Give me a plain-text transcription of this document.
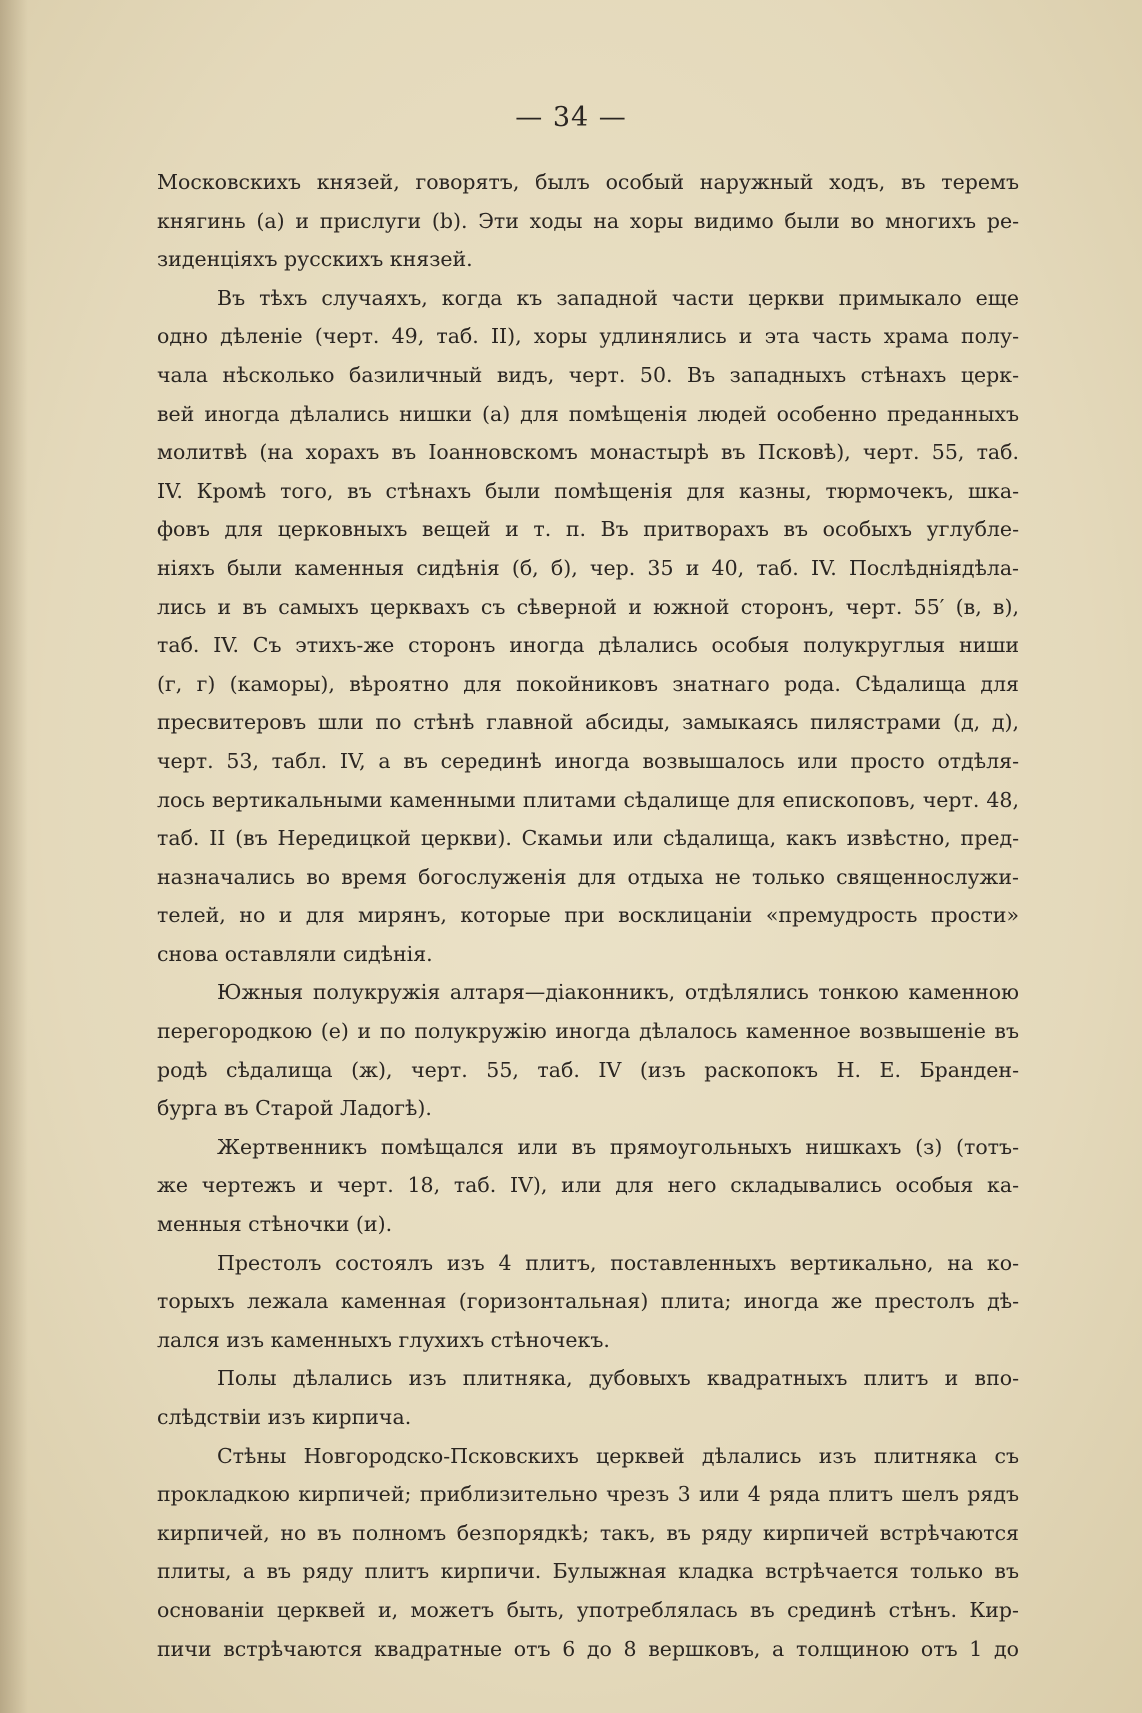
— 34 —
Московскихъ князей, говорятъ, былъ особый наружный ходъ, въ теремъ
княгинь (а) и прислуги (b). Эти ходы на хоры видимо были во многихъ ре-
зиденціяхъ русскихъ князей.
Въ тѣхъ случаяхъ, когда къ западной части церкви примыкало еще
одно дѣленіе (черт. 49, таб. II), хоры удлинялись и эта часть храма полу-
чала нѣсколько базиличный видъ, черт. 50. Въ западныхъ стѣнахъ церк-
вей иногда дѣлались нишки (а) для помѣщенія людей особенно преданныхъ
молитвѣ (на хорахъ въ Іоанновскомъ монастырѣ въ Псковѣ), черт. 55, таб.
IV. Кромѣ того, въ стѣнахъ были помѣщенія для казны, тюрмочекъ, шка-
фовъ для церковныхъ вещей и т. п. Въ притворахъ въ особыхъ углубле-
ніяхъ были каменныя сидѣнія (б, б), чер. 35 и 40, таб. IV. Послѣдніядѣла-
лись и въ самыхъ церквахъ съ сѣверной и южной сторонъ, черт. 55′ (в, в),
таб. IV. Съ этихъ-же сторонъ иногда дѣлались особыя полукруглыя ниши
(г, г) (каморы), вѣроятно для покойниковъ знатнаго рода. Сѣдалища для
пресвитеровъ шли по стѣнѣ главной абсиды, замыкаясь пилястрами (д, д),
черт. 53, табл. IV, а въ серединѣ иногда возвышалось или просто отдѣля-
лось вертикальными каменными плитами сѣдалище для епископовъ, черт. 48,
таб. II (въ Нередицкой церкви). Скамьи или сѣдалища, какъ извѣстно, пред-
назначались во время богослуженія для отдыха не только священнослужи-
телей, но и для мирянъ, которые при восклицаніи «премудрость прости»
снова оставляли сидѣнія.
Южныя полукружія алтаря—діаконникъ, отдѣлялись тонкою каменною
перегородкою (е) и по полукружію иногда дѣлалось каменное возвышеніе въ
родѣ сѣдалища (ж), черт. 55, таб. IV (изъ раскопокъ Н. Е. Бранден-
бурга въ Старой Ладогѣ).
Жертвенникъ помѣщался или въ прямоугольныхъ нишкахъ (з) (тотъ-
же чертежъ и черт. 18, таб. IV), или для него складывались особыя ка-
менныя стѣночки (и).
Престолъ состоялъ изъ 4 плитъ, поставленныхъ вертикально, на ко-
торыхъ лежала каменная (горизонтальная) плита; иногда же престолъ дѣ-
лался изъ каменныхъ глухихъ стѣночекъ.
Полы дѣлались изъ плитняка, дубовыхъ квадратныхъ плитъ и впо-
слѣдствіи изъ кирпича.
Стѣны Новгородско-Псковскихъ церквей дѣлались изъ плитняка съ
прокладкою кирпичей; приблизительно чрезъ 3 или 4 ряда плитъ шелъ рядъ
кирпичей, но въ полномъ безпорядкѣ; такъ, въ ряду кирпичей встрѣчаются
плиты, а въ ряду плитъ кирпичи. Булыжная кладка встрѣчается только въ
основаніи церквей и, можетъ быть, употреблялась въ срединѣ стѣнъ. Кир-
пичи встрѣчаются квадратные отъ 6 до 8 вершковъ, а толщиною отъ 1 до
